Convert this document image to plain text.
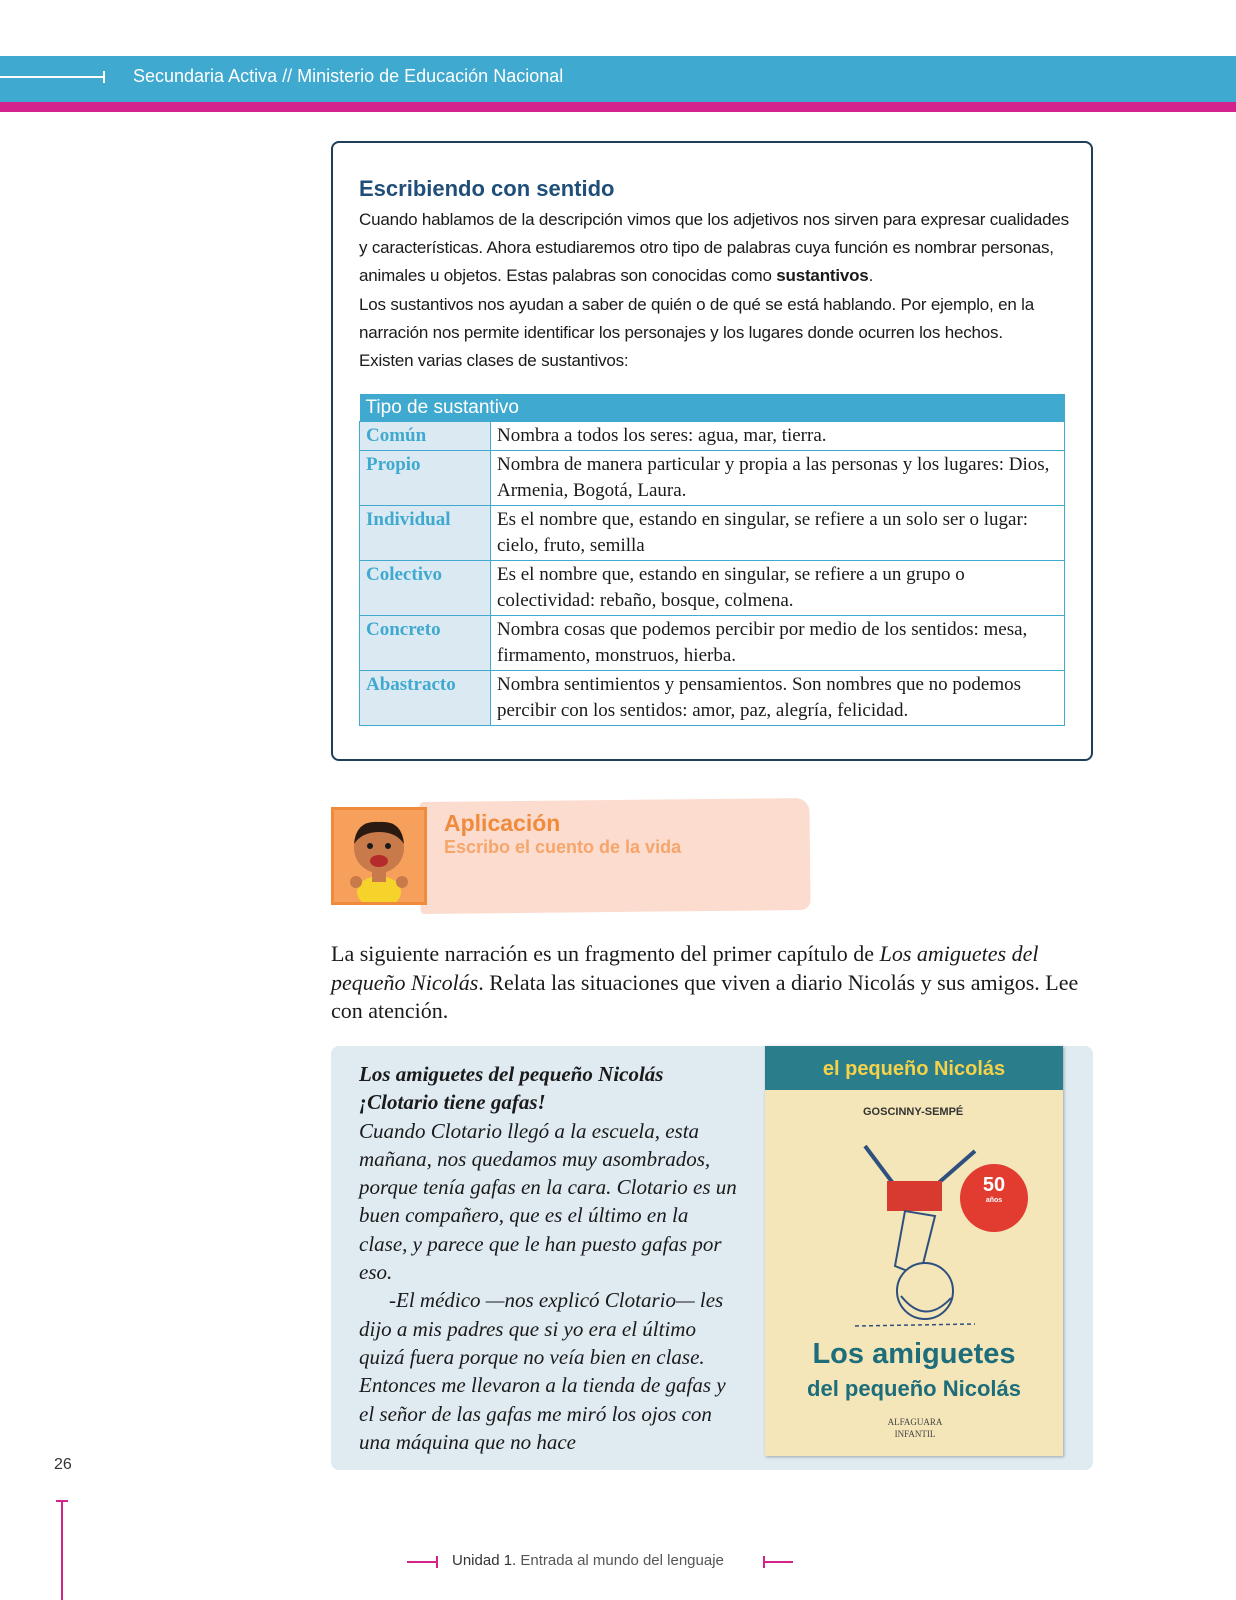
Secundaria Activa // Ministerio de Educación Nacional
Escribiendo con sentido

Cuando hablamos de la descripción vimos que los adjetivos nos sirven para expresar cualidades y características. Ahora estudiaremos otro tipo de palabras cuya función es nombrar personas, animales u objetos. Estas palabras son conocidas como sustantivos.

Los sustantivos nos ayudan a saber de quién o de qué se está hablando. Por ejemplo, en la narración nos permite identificar los personajes y los lugares donde ocurren los hechos.

Existen varias clases de sustantivos:

Tipo de sustantivo	
Común	Nombra a todos los seres: agua, mar, tierra.
Propio	Nombra de manera particular y propia a las personas y los lugares: Dios, Armenia, Bogotá, Laura.
Individual	Es el nombre que, estando en singular, se refiere a un solo ser o lugar: cielo, fruto, semilla
Colectivo	Es el nombre que, estando en singular, se refiere a un grupo o colectividad: rebaño, bosque, colmena.
Concreto	Nombra cosas que podemos percibir por medio de los sentidos: mesa, firmamento, monstruos, hierba.
Abastracto	Nombra sentimientos y pensamientos. Son nombres que no podemos percibir con los sentidos: amor, paz, alegría, felicidad.
Aplicación
Escribo el cuento de la vida

La siguiente narración es un fragmento del primer capítulo de Los amiguetes del pequeño Nicolás. Relata las situaciones que viven a diario Nicolás y sus amigos. Lee con atención.

Los amiguetes del pequeño Nicolás

¡Clotario tiene gafas!

Cuando Clotario llegó a la escuela, esta mañana, nos quedamos muy asombrados, porque tenía gafas en la cara. Clotario es un buen compañero, que es el último en la clase, y parece que le han puesto gafas por eso.

-El médico —nos explicó Clotario— les dijo a mis padres que si yo era el último quizá fuera porque no veía bien en clase. Entonces me llevaron a la tienda de gafas y el señor de las gafas me miró los ojos con una máquina que no hace

el pequeño Nicolás
GOSCINNY-SEMPÉ
50
años
Los amiguetes
del pequeño Nicolás
ALFAGUARA
INFANTIL
26
Unidad 1. Entrada al mundo del lenguaje
